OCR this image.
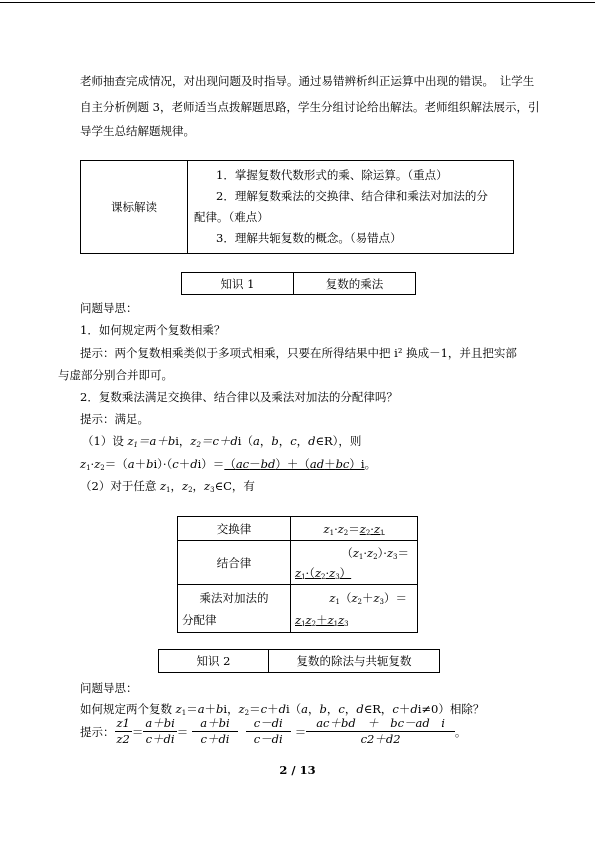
老师抽查完成情况，对出现问题及时指导。通过易错辨析纠正运算中出现的错误。　让学生
自主分析例题 3，老师适当点拨解题思路，学生分组讨论给出解法。老师组织解法展示，引
导学生总结解题规律。
课标解读	
1．掌握复数代数形式的乘、除运算。（重点）
2．理解复数乘法的交换律、结合律和乘法对加法的分
配律。（难点）
3．理解共轭复数的概念。（易错点）
知识 1	复数的乘法
问题导思：
1．如何规定两个复数相乘？
提示：两个复数相乘类似于多项式相乘，只要在所得结果中把 i² 换成－1，并且把实部
与虚部分别合并即可。
2．复数乘法满足交换律、结合律以及乘法对加法的分配律吗？
提示：满足。
（1）设 $z_1=a+bi$，$z_2=c+di(a$，b，c，d∈R），则
$z_1\cdot z_2=(a+bi)\cdot(c+di)=(ac-bd)+(ad+bc)i$。
（2）对于任意 $z_1$，$z_2$，$z_3\in C$，有
交换律	$z_1\cdot z_2=z_2\cdot z_1$
结合律	$(z_1\cdot z_2)\cdot z_3=$
$z_1\cdot(z_2\cdot z_3)$

乘法对加法的
分配律	$z_1(z_2+z_3)=$
$z_1z_2+z_1z_3$
知识 2	复数的除法与共轭复数
问题导思：
如何规定两个复数 $z_1=a+bi$，$z_2=c+di(a$，b，c，d∈R，c＋di≠0）相除？
提示： $\frac{z1}{z2} = \frac{a+bi}{c+di} = \frac{a+bi}{c+di} \frac{c-di}{c-di} = \frac{\text{ac＋bd　＋　bc－ad　i}}{c2+d2}$ 。
2 / 13
